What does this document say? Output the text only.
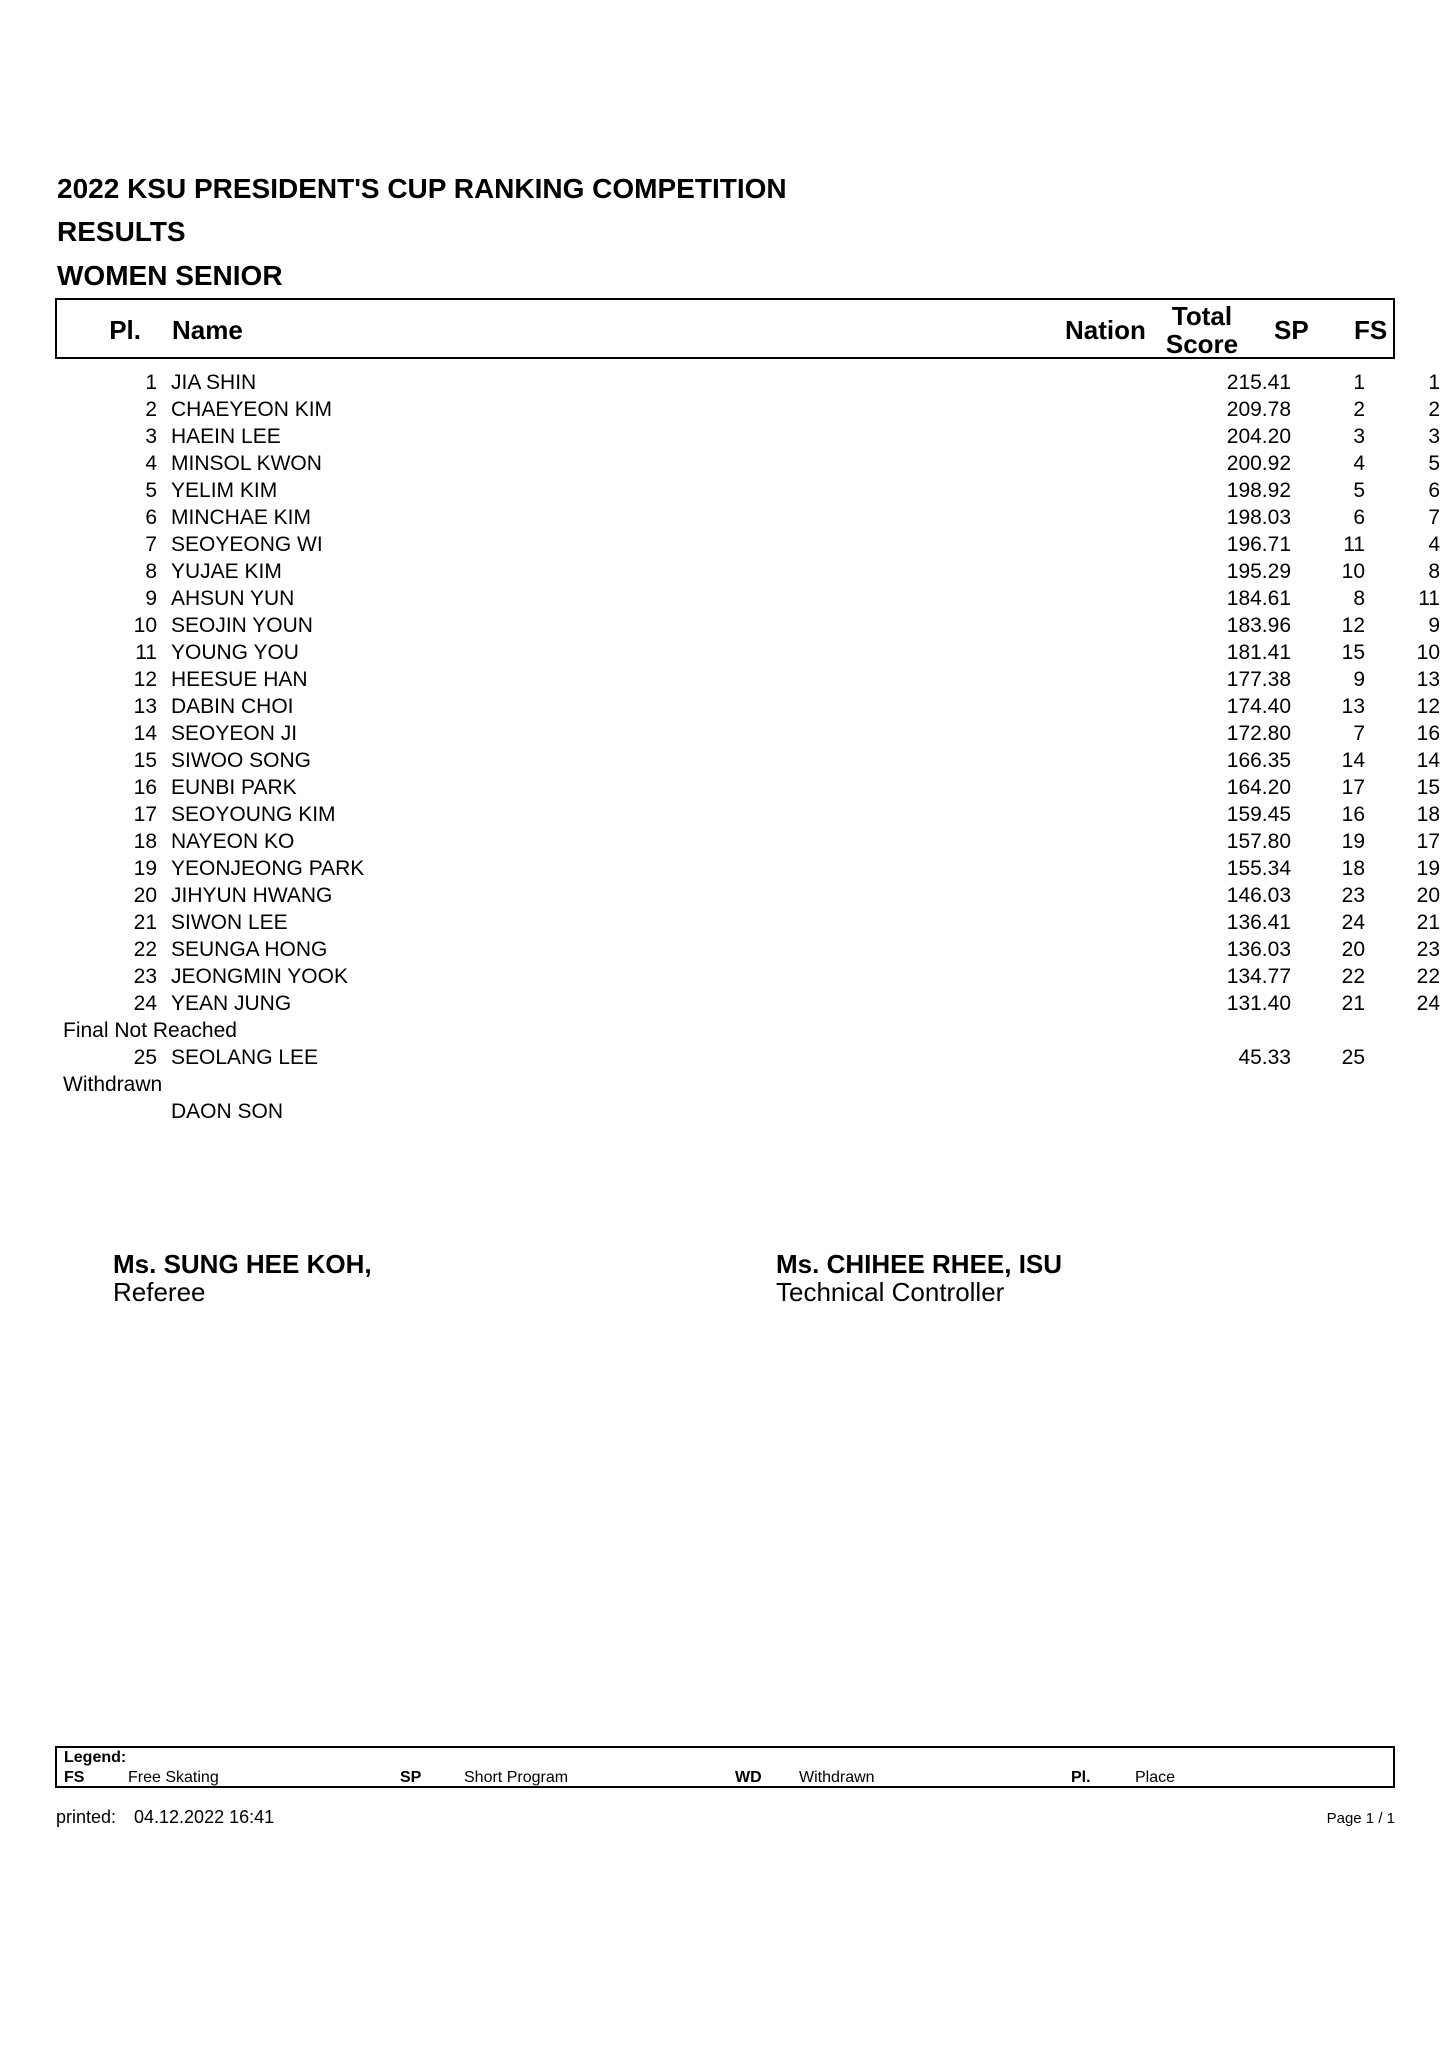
2022 KSU PRESIDENT'S CUP RANKING COMPETITION
RESULTS
WOMEN SENIOR
Pl. Name	Nation	Total
Score	SP FS
1 JIA SHIN	215.41	1	1
2 CHAEYEON KIM	209.78	2	2
3 HAEIN LEE	204.20	3	3
4 MINSOL KWON	200.92	4	5
5 YELIM KIM	198.92	5	6
6 MINCHAE KIM	198.03	6	7
7 SEOYEONG WI	196.71 11	4
8 YUJAE KIM	195.29 10	8
9 AHSUN YUN	184.61	8	11
10 SEOJIN YOUN	183.96 12	9
11 YOUNG YOU	181.41 15 10
12 HEESUE HAN	177.38	9 13
13 DABIN CHOI	174.40 13 12
14 SEOYEON JI	172.80	7 16
15 SIWOO SONG	166.35 14 14
16 EUNBI PARK	164.20 17 15
17 SEOYOUNG KIM	159.45 16 18
18 NAYEON KO	157.80 19 17
19 YEONJEONG PARK	155.34 18 19
20 JIHYUN HWANG	146.03 23 20
21 SIWON LEE	136.41 24 21
22 SEUNGA HONG	136.03 20 23
23 JEONGMIN YOOK	134.77 22 22
24 YEAN JUNG	131.40 21 24
Final Not Reached
25 SEOLANG LEE	45.33 25
Withdrawn
DAON SON
Ms. SUNG HEE KOH,
Referee
Ms. CHIHEE RHEE, ISU
Technical Controller
Legend:
FS	Free Skating	SP	Short Program	WD Withdrawn	Pl.	Place
printed: 04.12.2022 16:41	Page 1 / 1
